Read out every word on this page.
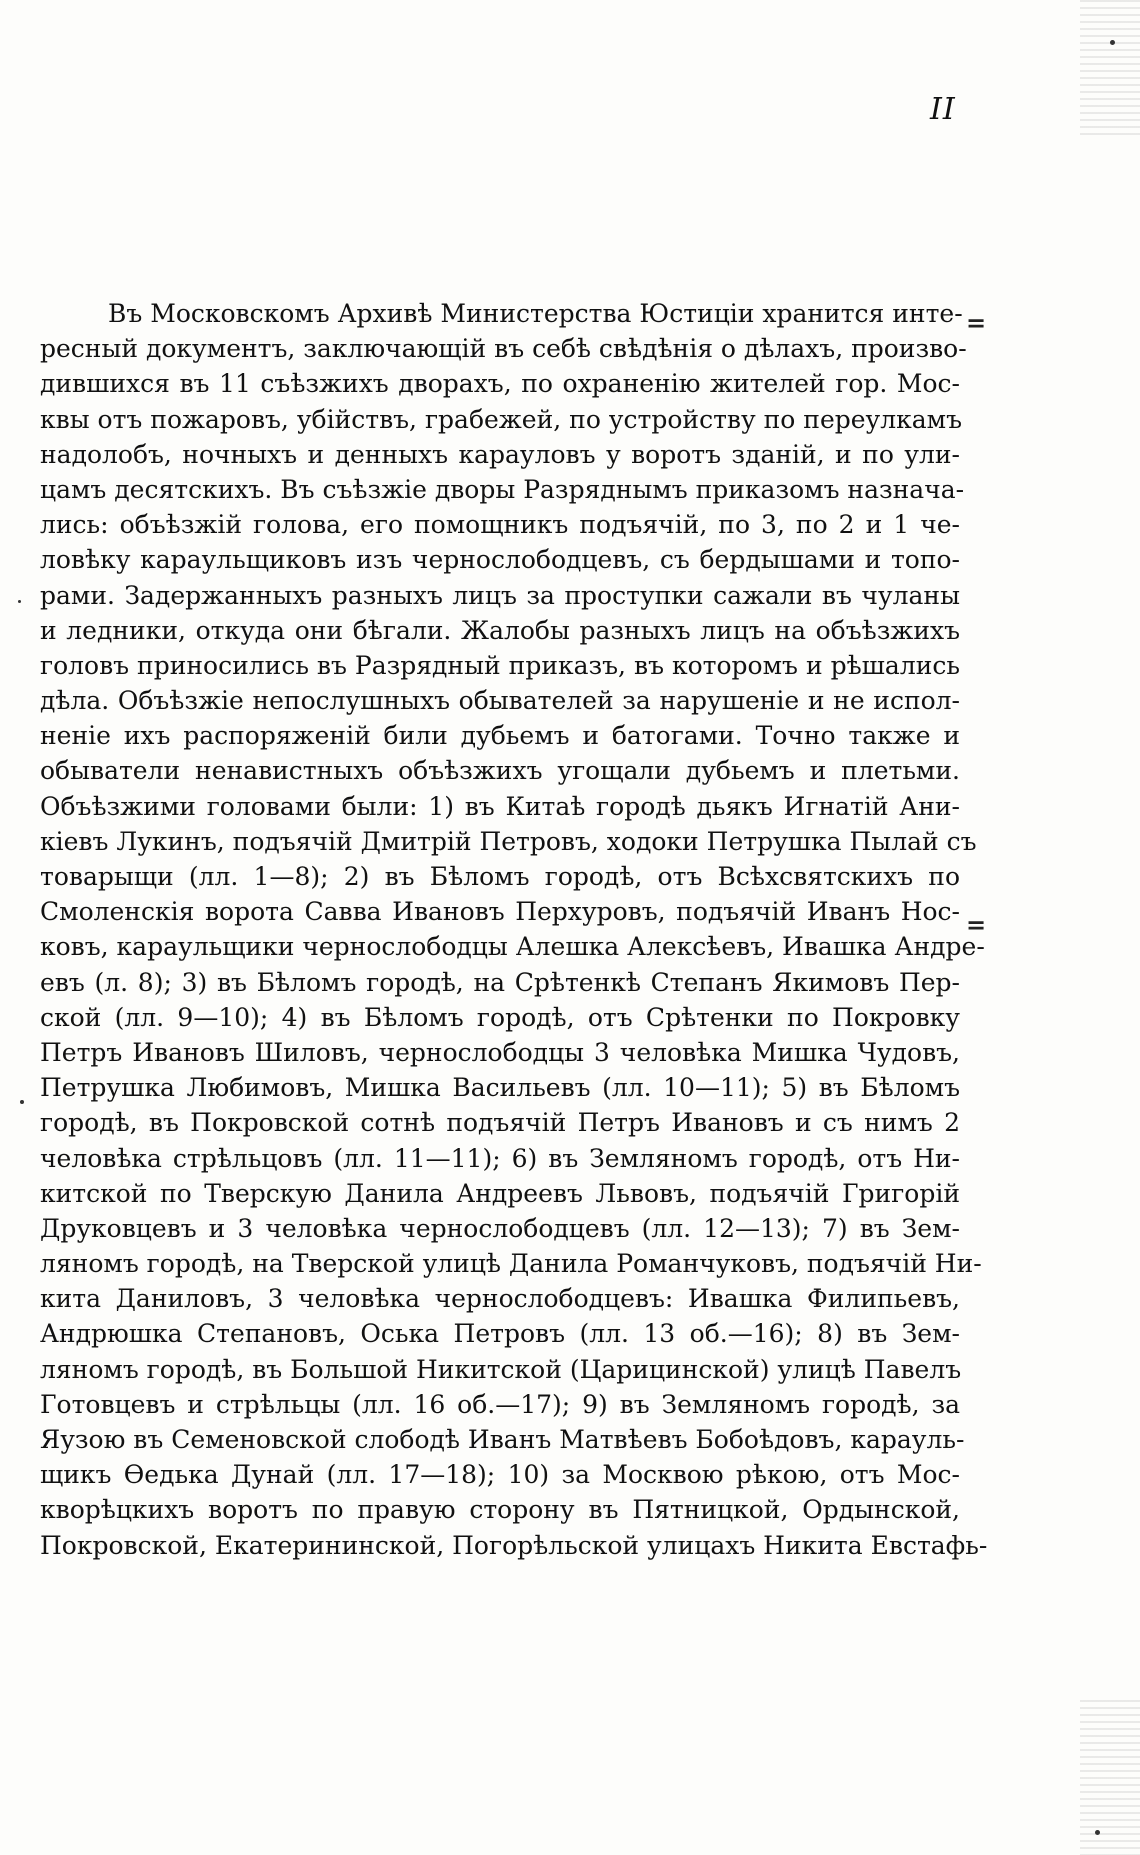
II

Въ Московскомъ Архивѣ Министерства Юстиціи хранится инте-
ресный документъ, заключающій въ себѣ свѣдѣнія о дѣлахъ, произво-
дившихся въ 11 съѣзжихъ дворахъ, по охраненію жителей гор. Мос-
квы отъ пожаровъ, убійствъ, грабежей, по устройству по переулкамъ
надолобъ, ночныхъ и денныхъ карауловъ у воротъ зданій, и по ули-
цамъ десятскихъ. Въ съѣзжіе дворы Разряднымъ приказомъ назнача-
лись: объѣзжій голова, его помощникъ подъячій, по 3, по 2 и 1 че-
ловѣку караульщиковъ изъ чернослободцевъ, съ бердышами и топо-
рами. Задержанныхъ разныхъ лицъ за проступки сажали въ чуланы
и ледники, откуда они бѣгали. Жалобы разныхъ лицъ на объѣзжихъ
головъ приносились въ Разрядный приказъ, въ которомъ и рѣшались
дѣла. Объѣзжіе непослушныхъ обывателей за нарушеніе и не испол-
неніе ихъ распоряженій били дубьемъ и батогами. Точно также и
обыватели ненавистныхъ объѣзжихъ угощали дубьемъ и плетьми.
Объѣзжими головами были: 1) въ Китаѣ городѣ дьякъ Игнатій Ани-
кіевъ Лукинъ, подъячій Дмитрій Петровъ, ходоки Петрушка Пылай съ
товарыщи (лл. 1—8); 2) въ Бѣломъ городѣ, отъ Всѣхсвятскихъ по
Смоленскія ворота Савва Ивановъ Перхуровъ, подъячій Иванъ Нос-
ковъ, караульщики чернослободцы Алешка Алексѣевъ, Ивашка Андре-
евъ (л. 8); 3) въ Бѣломъ городѣ, на Срѣтенкѣ Степанъ Якимовъ Пер-
ской (лл. 9—10); 4) въ Бѣломъ городѣ, отъ Срѣтенки по Покровку
Петръ Ивановъ Шиловъ, чернослободцы 3 человѣка Мишка Чудовъ,
Петрушка Любимовъ, Мишка Васильевъ (лл. 10—11); 5) въ Бѣломъ
городѣ, въ Покровской сотнѣ подъячій Петръ Ивановъ и съ нимъ 2
человѣка стрѣльцовъ (лл. 11—11); 6) въ Земляномъ городѣ, отъ Ни-
китской по Тверскую Данила Андреевъ Львовъ, подъячій Григорій
Друковцевъ и 3 человѣка чернослободцевъ (лл. 12—13); 7) въ Зем-
ляномъ городѣ, на Тверской улицѣ Данила Романчуковъ, подъячій Ни-
кита Даниловъ, 3 человѣка чернослободцевъ: Ивашка Филипьевъ,
Андрюшка Степановъ, Оська Петровъ (лл. 13 об.—16); 8) въ Зем-
ляномъ городѣ, въ Большой Никитской (Царицинской) улицѣ Павелъ
Готовцевъ и стрѣльцы (лл. 16 об.—17); 9) въ Земляномъ городѣ, за
Яузою въ Семеновской слободѣ Иванъ Матвѣевъ Бобоѣдовъ, карауль-
щикъ Ѳедька Дунай (лл. 17—18); 10) за Москвою рѣкою, отъ Мос-
кворѣцкихъ воротъ по правую сторону въ Пятницкой, Ордынской,
Покровской, Екатерининской, Погорѣльской улицахъ Никита Евстафь-
=
=
